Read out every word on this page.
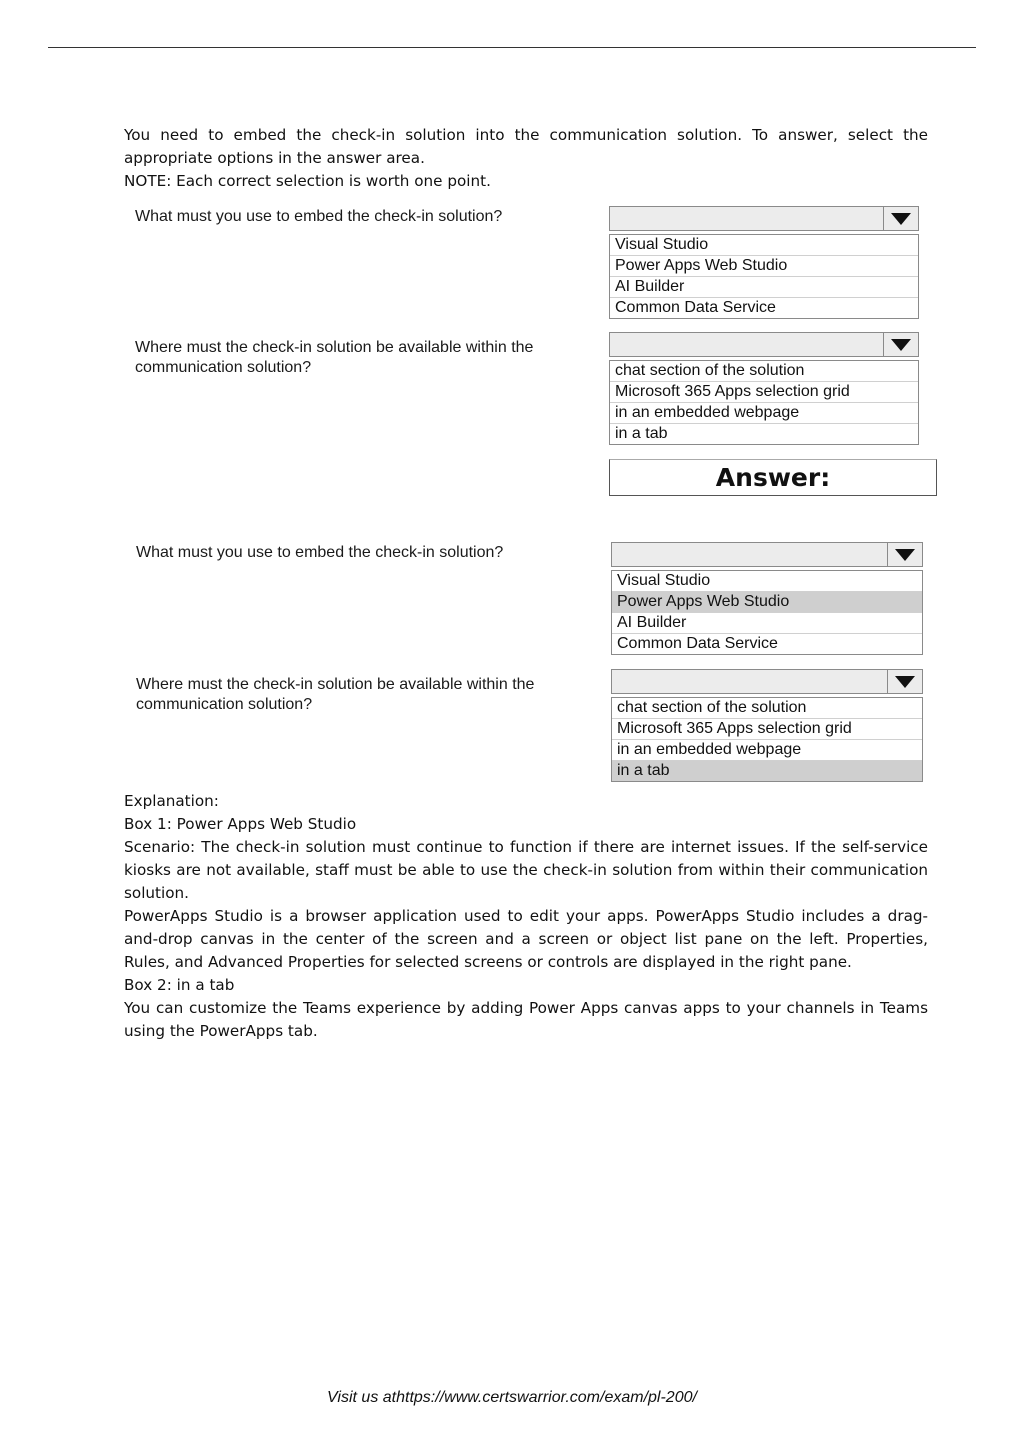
You need to embed the check-in solution into the communication solution. To answer, select the
appropriate options in the answer area.
NOTE: Each correct selection is worth one point.
What must you use to embed the check-in solution?
Visual Studio
Power Apps Web Studio
AI Builder
Common Data Service
Where must the check-in solution be available within the communication solution?	chat section of the solution
Microsoft 365 Apps selection grid
in an embedded webpage
in a tab
Answer:
What must you use to embed the check-in solution?
Visual Studio
Power Apps Web Studio
AI Builder
Common Data Service
Where must the check-in solution be available within the communication solution?	chat section of the solution
Microsoft 365 Apps selection grid
in an embedded webpage
in a tab
Explanation:
Box 1: Power Apps Web Studio
Scenario: The check-in solution must continue to function if there are internet issues. If the self-service
kiosks are not available, staff must be able to use the check-in solution from within their communication
solution.
PowerApps Studio is a browser application used to edit your apps. PowerApps Studio includes a drag-
and-drop canvas in the center of the screen and a screen or object list pane on the left. Properties,
Rules, and Advanced Properties for selected screens or controls are displayed in the right pane.
Box 2: in a tab
You can customize the Teams experience by adding Power Apps canvas apps to your channels in Teams
using the PowerApps tab.
Visit us athttps://www.certswarrior.com/exam/pl-200/
